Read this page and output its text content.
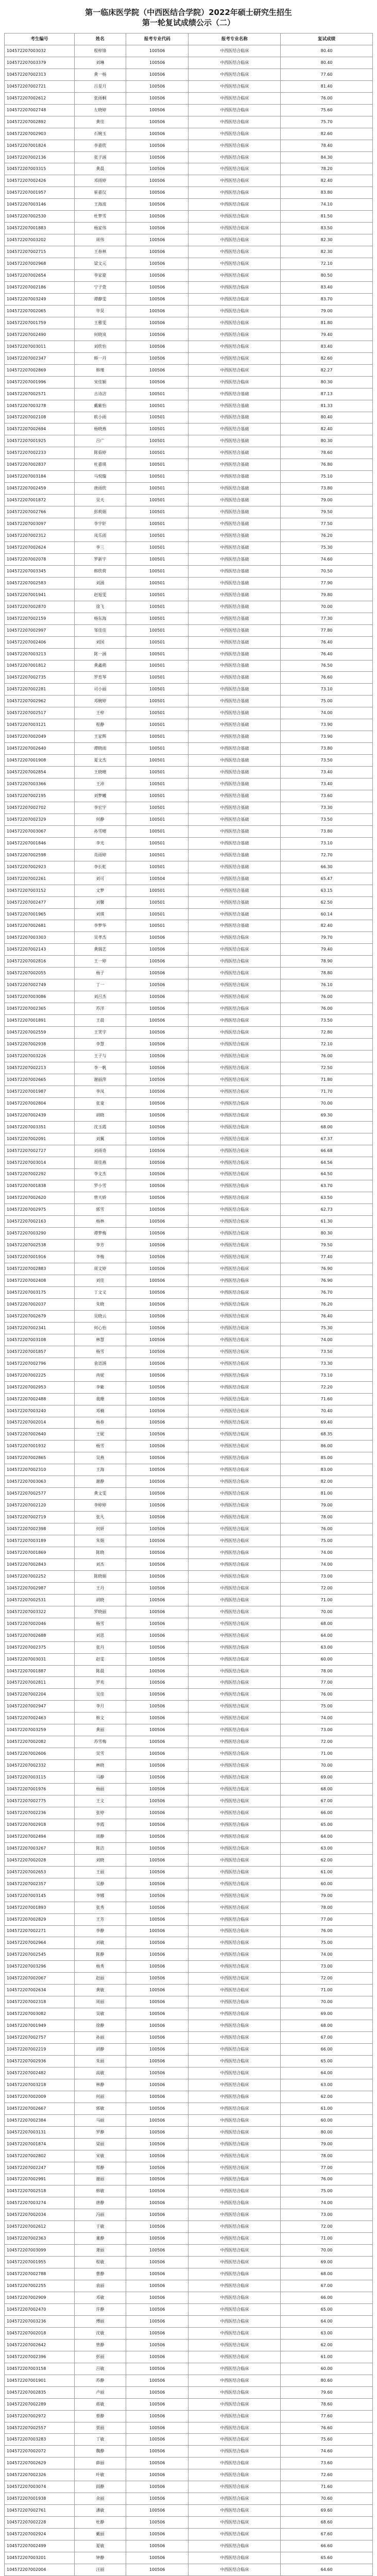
第一临床医学院（中西医结合学院）2022年硕士研究生招生
第一轮复试成绩公示（二）
考生编号	姓名	报考专业代码	报考专业名称	复试成绩
104572207003032	程梓锋	100506	中西医结合临床	80.40
104572207003379	刘琳	100506	中西医结合临床	80.40
104572207002313	黄一杨	100506	中西医结合临床	77.60
104572207002721	吕星月	100506	中西医结合临床	81.40
104572207002612	张雨桐	100506	中西医结合临床	76.00
104572207002748	左晓婷	100506	中西医结合临床	75.60
104572207002892	黄佳	100506	中西医结合临床	75.70
104572207002903	石婉玉	100506	中西医结合临床	82.60
104572207001824	李嘉欣	100506	中西医结合临床	78.40
104572207002136	张子涵	100506	中西医结合临床	84.30
104572207003315	黄晨	100506	中西医结合临床	78.20
104572207002426	邓雨婷	100506	中西医结合临床	82.40
104572207001957	崔嘉仪	100506	中西医结合临床	83.80
104572207003146	王海波	100506	中西医结合临床	74.10
104572207002530	杜梦雪	100506	中西医结合临床	81.50
104572207001883	杨家伟	100506	中西医结合临床	83.50
104572207003202	周伟	100506	中西医结合临床	82.30
104572207002715	王春林	100506	中西医结合临床	82.30
104572207002968	梁文元	100506	中西医结合临床	72.10
104572207002654	李家豪	100506	中西医结合临床	80.50
104572207002186	宁子萱	100506	中西医结合临床	83.40
104572207003249	谭静雯	100506	中西医结合临床	83.70
104572207002065	毕昊	100506	中西医结合临床	79.00
104572207001759	王雅雯	100506	中西医结合临床	81.80
104572207002490	何晓岚	100506	中西医结合临床	79.40
104572207003011	刘欣怡	100506	中西医结合临床	83.40
104572207002347	韩一丹	100506	中西医结合临床	82.60
104572207002869	韩瑾	100506	中西医结合临床	82.27
104572207001996	宋佳颖	100506	中西医结合临床	80.30
104572207002571	古诗洁	100501	中西医结合基础	87.13
104572207003278	戴紫怡	100501	中西医结合基础	81.33
104572207002108	欧小雨	100501	中西医结合基础	80.40
104572207002694	杨晓燕	100501	中西医结合基础	82.40
104572207001925	吕广	100501	中西医结合基础	80.30
104572207002233	陈茹婷	100501	中西医结合基础	78.60
104572207002837	杜嘉琪	100501	中西医结合基础	76.80
104572207003184	马悦璇	100501	中西医结合基础	75.10
104572207002459	唐雨欣	100501	中西医结合基础	73.80
104572207001872	吴天	100501	中西医结合基础	79.00
104572207002766	彭莉娟	100501	中西医结合基础	79.50
104572207003097	李宇轩	100501	中西医结合基础	77.50
104572207002312	凤乐雨	100501	中西医结合基础	76.20
104572207002624	李三	100501	中西医结合基础	75.30
104572207002078	罗新宇	100501	中西医结合基础	74.60
104572207003345	韩欣荷	100501	中西医结合基础	70.50
104572207002583	刘涵	100501	中西医结合基础	77.90
104572207001941	赵旭雯	100501	中西医结合基础	79.80
104572207002870	徐飞	100501	中西医结合基础	70.00
104572207002159	杨东海	100501	中西医结合基础	77.30
104572207002997	邹佳佳	100501	中西医结合基础	77.80
104572207002406	刘国	100501	中西医结合基础	76.40
104572207003213	陈一涵	100501	中西医结合基础	76.40
104572207001812	黄鑫萌	100501	中西医结合基础	76.50
104572207002735	罗育琴	100501	中西医结合基础	76.60
104572207002281	司小丽	100501	中西医结合基础	73.10
104572207002962	邓婉婷	100501	中西医结合基础	75.00
104572207002517	王梓	100501	中西医结合基础	74.00
104572207003121	程静	100501	中西医结合基础	73.90
104572207002049	王家辉	100501	中西医结合基础	73.90
104572207002640	谭晓雨	100501	中西医结合基础	73.80
104572207001908	夏文杰	100501	中西医结合基础	73.50
104572207002854	王晓晴	100501	中西医结合基础	73.40
104572207003366	王沛	100501	中西医结合基础	73.40
104572207002195	刘梦曦	100501	中西医结合基础	73.60
104572207002702	李宏宇	100501	中西医结合基础	73.30
104572207002329	何静	100501	中西医结合基础	73.50
104572207003067	孙雪晴	100501	中西医结合基础	73.80
104572207001846	李光	100501	中西医结合基础	73.10
104572207002598	肖雨婷	100501	中西医结合基础	72.70
104572207002923	李长虹	100501	中西医结合基础	66.30
104572207002261	刘可	100504	中西医结合基础	65.47
104572207003152	文梦	100501	中西医结合基础	63.15
104572207002477	刘馨	100501	中西医结合基础	62.50
104572207001965	刘琪	100501	中西医结合基础	60.14
104572207002681	李梦华	100501	中西医结合基础	82.40
104572207003303	吴孝杰	100506	中西医结合临床	79.70
104572207002143	黄瑞艺	100506	中西医结合临床	79.40
104572207002816	王一婷	100506	中西医结合临床	78.90
104572207002055	杨子	100506	中西医结合临床	78.80
104572207002749	丁一	100506	中西医结合临床	76.10
104572207003086	刘吕杰	100506	中西医结合临床	76.00
104572207002365	苏洋	100506	中西医结合临床	76.00
104572207001891	王晨	100506	中西医结合临床	73.50
104572207002559	王笑宇	100506	中西医结合临床	72.80
104572207002938	李慧	100506	中西医结合临床	72.10
104572207003226	王子与	100506	中西医结合临床	76.00
104572207002213	李一帆	100506	中西医结合临床	72.50
104572207002665	谢丽萍	100506	中西医结合临床	71.80
104572207001987	李凤	100506	中西医结合临床	71.70
104572207002804	张童	100506	中西医结合临床	70.00
104572207002439	胡晓	100506	中西医结合临床	69.30
104572207003351	沈玉霞	100506	中西医结合临床	68.00
104572207002091	刘翼	100506	中西医结合临床	67.37
104572207002727	刘雨奇	100506	中西医结合临床	66.68
104572207003014	周佳燕	100506	中西医结合临床	64.56
104572207002292	李文杰	100506	中西医结合临床	64.50
104572207001838	罗小雪	100506	中西医结合临床	63.70
104572207002620	曾天娇	100506	中西医结合临床	63.50
104572207002975	郭雪	100506	中西医结合临床	62.73
104572207002163	杨林	100506	中西医结合临床	61.30
104572207003290	谭梦梅	100506	中西医结合临床	80.30
104572207002538	李芳	100506	中西医结合临床	79.50
104572207001916	李梅	100506	中西医结合临床	77.40
104572207002883	周文婷	100506	中西医结合临床	76.90
104572207002408	刘佳	100506	中西医结合临床	76.90
104572207003175	丁文义	100506	中西医结合临床	76.70
104572207002037	朱晓	100506	中西医结合临床	76.20
104572207002679	吴晓云	100506	中西医结合临床	76.40
104572207002341	何心怡	100506	中西医结合临床	75.30
104572207003108	林慧	100506	中西医结合临床	74.00
104572207001857	杨雪	100506	中西医结合临床	73.50
104572207002796	袁语涵	100506	中西医结合临床	73.30
104572207002225	冉妮	100506	中西医结合临床	73.10
104572207002953	李紫	100506	中西医结合临床	72.20
104572207002488	裴珊	100506	中西医结合临床	71.60
104572207003240	邓楠	100506	中西医结合临床	70.40
104572207002014	杨春	100506	中西医结合临床	69.40
104572207002640	王妮	100506	中西医结合临床	68.35
104572207001932	杨雪	100506	中西医结合临床	86.00
104572207002865	吴燕	100506	中西医结合临床	85.00
104572207002310	王海	100506	中西医结合临床	83.00
104572207003063	谢静	100506	中西医结合临床	82.00
104572207002577	黄文雯	100506	中西医结合临床	81.00
104572207002120	李婷婷	100506	中西医结合临床	79.00
104572207002719	张凡	100506	中西医结合临床	78.00
104572207002398	何妍	100506	中西医结合临床	76.00
104572207003189	朱娟	100506	中西医结合临床	75.00
104572207001869	陈晓	100506	中西医结合临床	74.00
104572207002843	刘杰	100506	中西医结合临床	74.00
104572207002252	陈晓娟	100506	中西医结合临床	73.00
104572207002987	王丹	100506	中西医结合临床	72.00
104572207002531	胡晓	100506	中西医结合临床	71.00
104572207003322	罗晓丽	100506	中西医结合临床	70.00
104572207002046	杨雪	100506	中西医结合临床	68.00
104572207002688	刘思	100506	中西医结合临床	64.00
104572207002375	张丹	100506	中西医结合临床	63.00
104572207003031	赵雯	100506	中西医结合临床	60.00
104572207001887	陈晨	100506	中西医结合临床	78.00
104572207002811	罗欢	100506	中西医结合临床	77.00
104572207002204	吴佳	100506	中西医结合临床	76.00
104572207002947	李月	100506	中西医结合临床	75.00
104572207002463	韩文	100506	中西医结合临床	74.00
104572207003259	黄丽	100506	中西医结合临床	73.00
104572207002082	苏雪梅	100506	中西医结合临床	72.00
104572207002606	吴雪	100506	中西医结合临床	71.00
104572207002332	林晓	100506	中西医结合临床	70.00
104572207003115	马静	100506	中西医结合临床	69.00
104572207001976	杨丽	100506	中西医结合临床	68.00
104572207002775	王文	100506	中西医结合临床	67.00
104572207002236	张婷	100506	中西医结合临床	66.00
104572207002918	李霞	100506	中西医结合临床	65.00
104572207002494	周静	100506	中西医结合临床	64.00
104572207003267	陈洁	100506	中西医结合临床	63.00
104572207002028	刘晓	100506	中西医结合临床	62.00
104572207002653	王丽	100506	中西医结合临床	61.00
104572207002357	吴静	100506	中西医结合临床	60.00
104572207003145	李娜	100506	中西医结合临床	79.00
104572207001893	张秀	100506	中西医结合临床	78.00
104572207002829	王芳	100506	中西医结合临床	77.00
104572207002271	李静	100506	中西医结合临床	76.00
104572207002964	刘敏	100506	中西医结合临床	75.00
104572207002545	陈静	100506	中西医结合临床	74.00
104572207003296	杨秀	100506	中西医结合临床	73.00
104572207002067	赵丽	100506	中西医结合临床	72.00
104572207002634	黄敏	100506	中西医结合临床	71.00
104572207002318	周丽	100506	中西医结合临床	70.00
104572207003082	吴敏	100506	中西医结合临床	69.00
104572207001949	徐静	100506	中西医结合临床	68.00
104572207002757	孙丽	100506	中西医结合临床	67.00
104572207002219	胡静	100506	中西医结合临床	66.00
104572207002936	朱丽	100506	中西医结合临床	65.00
104572207002482	高敏	100506	中西医结合临床	64.00
104572207003218	林静	100506	中西医结合临床	63.00
104572207002009	何丽	100506	中西医结合临床	62.00
104572207002667	郭敏	100506	中西医结合临床	61.00
104572207002384	马丽	100506	中西医结合临床	60.00
104572207003131	罗静	100506	中西医结合临床	80.00
104572207001874	梁丽	100506	中西医结合临床	79.00
104572207002802	宋敏	100506	中西医结合临床	78.00
104572207002247	郑静	100506	中西医结合临床	77.00
104572207002991	谢丽	100506	中西医结合临床	76.00
104572207002518	韩敏	100506	中西医结合临床	75.00
104572207003274	唐静	100506	中西医结合临床	74.00
104572207002034	冯丽	100506	中西医结合临床	73.00
104572207002612	于敏	100506	中西医结合临床	72.00
104572207002363	董静	100506	中西医结合临床	71.00
104572207003099	萧丽	100506	中西医结合临床	70.00
104572207001955	程敏	100506	中西医结合临床	69.00
104572207002788	曹静	100506	中西医结合临床	68.00
104572207002255	袁丽	100506	中西医结合临床	67.00
104572207002909	邓敏	100506	中西医结合临床	66.00
104572207002470	许静	100506	中西医结合临床	65.00
104572207003236	傅丽	100506	中西医结合临床	64.00
104572207002018	沈敏	100506	中西医结合临床	63.00
104572207002642	曾静	100506	中西医结合临床	62.00
104572207002396	彭丽	100506	中西医结合临床	61.00
104572207003158	吕敏	100506	中西医结合临床	60.00
104572207001901	苏静	100506	中西医结合临床	80.60
104572207002835	卢丽	100506	中西医结合临床	79.60
104572207002289	蒋敏	100506	中西医结合临床	78.60
104572207002972	蔡静	100506	中西医结合临床	77.60
104572207002557	贾丽	100506	中西医结合临床	76.60
104572207003283	丁敏	100506	中西医结合临床	75.60
104572207002072	魏静	100506	中西医结合临床	74.60
104572207002629	薛丽	100506	中西医结合临床	73.60
104572207002326	叶敏	100506	中西医结合临床	72.60
104572207003074	阎静	100506	中西医结合临床	71.60
104572207001938	余丽	100506	中西医结合临床	70.60
104572207002761	潘敏	100506	中西医结合临床	69.60
104572207002228	杜静	100506	中西医结合临床	68.60
104572207002924	戴丽	100506	中西医结合临床	67.60
104572207002499	夏敏	100506	中西医结合临床	66.60
104572207003201	钟静	100506	中西医结合临床	65.60
104572207002004	汪丽	100506	中西医结合临床	64.60
